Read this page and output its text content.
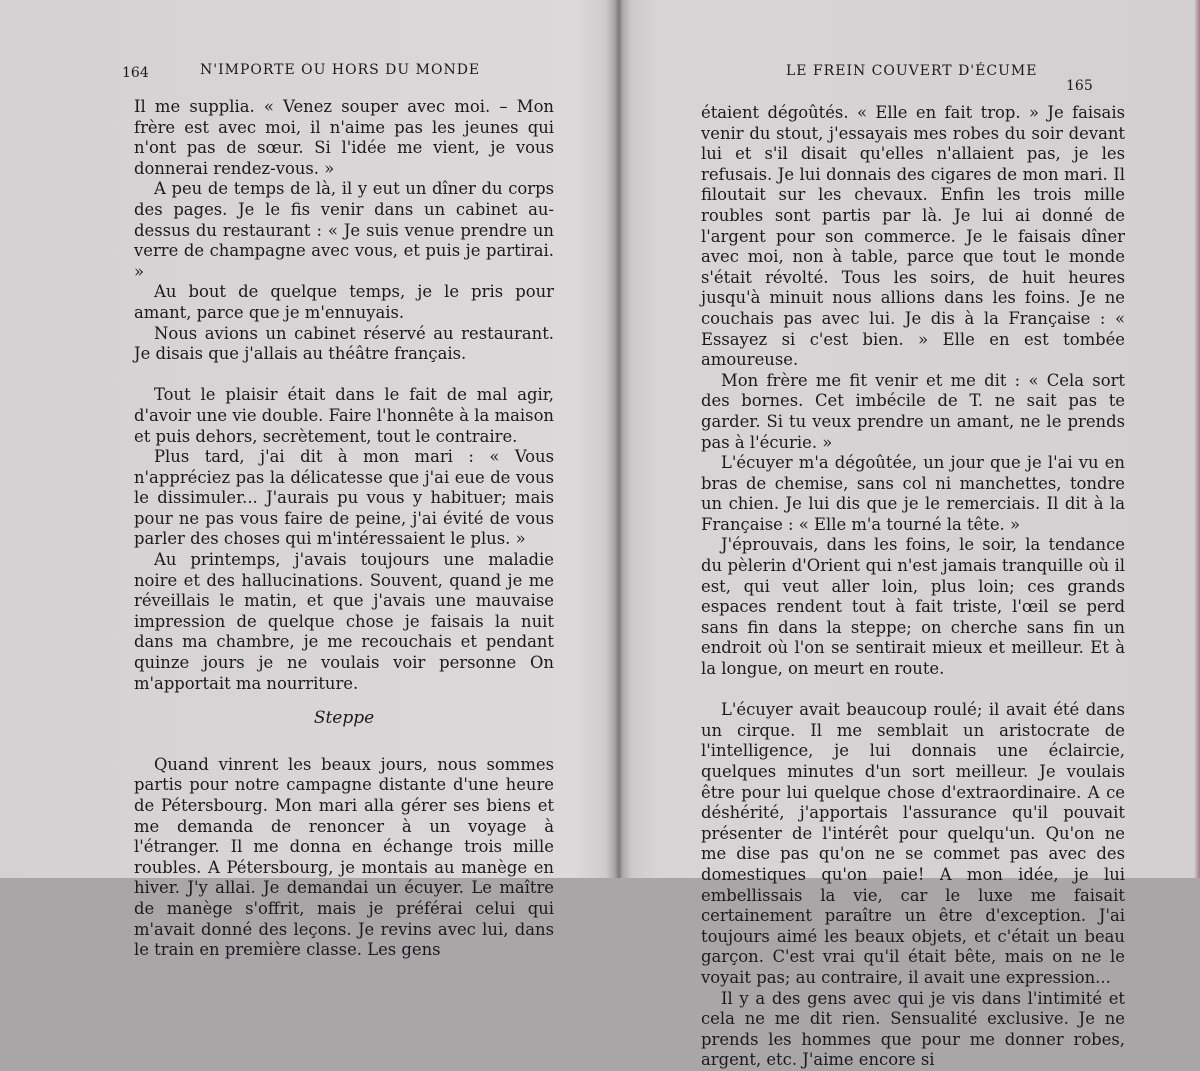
164	N'IMPORTE OU HORS DU MONDE

Il me supplia. « Venez souper avec moi. – Mon frère est avec moi, il n'aime pas les jeunes qui n'ont pas de sœur. Si l'idée me vient, je vous donnerai rendez-vous. »

A peu de temps de là, il y eut un dîner du corps des pages. Je le fis venir dans un cabinet au-dessus du restaurant : « Je suis venue prendre un verre de champagne avec vous, et puis je partirai. »

Au bout de quelque temps, je le pris pour amant, parce que je m'ennuyais.

Nous avions un cabinet réservé au restaurant. Je disais que j'allais au théâtre français.

Tout le plaisir était dans le fait de mal agir, d'avoir une vie double. Faire l'honnête à la maison et puis dehors, secrètement, tout le contraire.

Plus tard, j'ai dit à mon mari : « Vous n'appréciez pas la délicatesse que j'ai eue de vous le dissimuler... J'aurais pu vous y habituer; mais pour ne pas vous faire de peine, j'ai évité de vous parler des choses qui m'intéressaient le plus. »

Au printemps, j'avais toujours une maladie noire et des hallucinations. Souvent, quand je me réveillais le matin, et que j'avais une mauvaise impression de quelque chose je faisais la nuit dans ma chambre, je me recouchais et pendant quinze jours je ne voulais voir personne On m'apportait ma nourriture.

Steppe

Quand vinrent les beaux jours, nous sommes partis pour notre campagne distante d'une heure de Pétersbourg. Mon mari alla gérer ses biens et me demanda de renoncer à un voyage à l'étranger. Il me donna en échange trois mille roubles. A Pétersbourg, je montais au manège en hiver. J'y allai. Je demandai un écuyer. Le maître de manège s'offrit, mais je préférai celui qui m'avait donné des leçons. Je revins avec lui, dans le train en première classe. Les gens

LE FREIN COUVERT D'ÉCUME
165

étaient dégoûtés. « Elle en fait trop. » Je faisais venir du stout, j'essayais mes robes du soir devant lui et s'il disait qu'elles n'allaient pas, je les refusais. Je lui donnais des cigares de mon mari. Il filoutait sur les chevaux. Enfin les trois mille roubles sont partis par là. Je lui ai donné de l'argent pour son commerce. Je le faisais dîner avec moi, non à table, parce que tout le monde s'était révolté. Tous les soirs, de huit heures jusqu'à minuit nous allions dans les foins. Je ne couchais pas avec lui. Je dis à la Française : « Essayez si c'est bien. » Elle en est tombée amoureuse.

Mon frère me fit venir et me dit : « Cela sort des bornes. Cet imbécile de T. ne sait pas te garder. Si tu veux prendre un amant, ne le prends pas à l'écurie. »

L'écuyer m'a dégoûtée, un jour que je l'ai vu en bras de chemise, sans col ni manchettes, tondre un chien. Je lui dis que je le remerciais. Il dit à la Française : « Elle m'a tourné la tête. »

J'éprouvais, dans les foins, le soir, la tendance du pèlerin d'Orient qui n'est jamais tranquille où il est, qui veut aller loin, plus loin; ces grands espaces rendent tout à fait triste, l'œil se perd sans fin dans la steppe; on cherche sans fin un endroit où l'on se sentirait mieux et meilleur. Et à la longue, on meurt en route.

L'écuyer avait beaucoup roulé; il avait été dans un cirque. Il me semblait un aristocrate de l'intelligence, je lui donnais une éclaircie, quelques minutes d'un sort meilleur. Je voulais être pour lui quelque chose d'extraordinaire. A ce déshérité, j'apportais l'assurance qu'il pouvait présenter de l'intérêt pour quelqu'un. Qu'on ne me dise pas qu'on ne se commet pas avec des domestiques qu'on paie! A mon idée, je lui embellissais la vie, car le luxe me faisait certainement paraître un être d'exception. J'ai toujours aimé les beaux objets, et c'était un beau garçon. C'est vrai qu'il était bête, mais on ne le voyait pas; au contraire, il avait une expression...

Il y a des gens avec qui je vis dans l'intimité et cela ne me dit rien. Sensualité exclusive. Je ne prends les hommes que pour me donner robes, argent, etc. J'aime encore si
